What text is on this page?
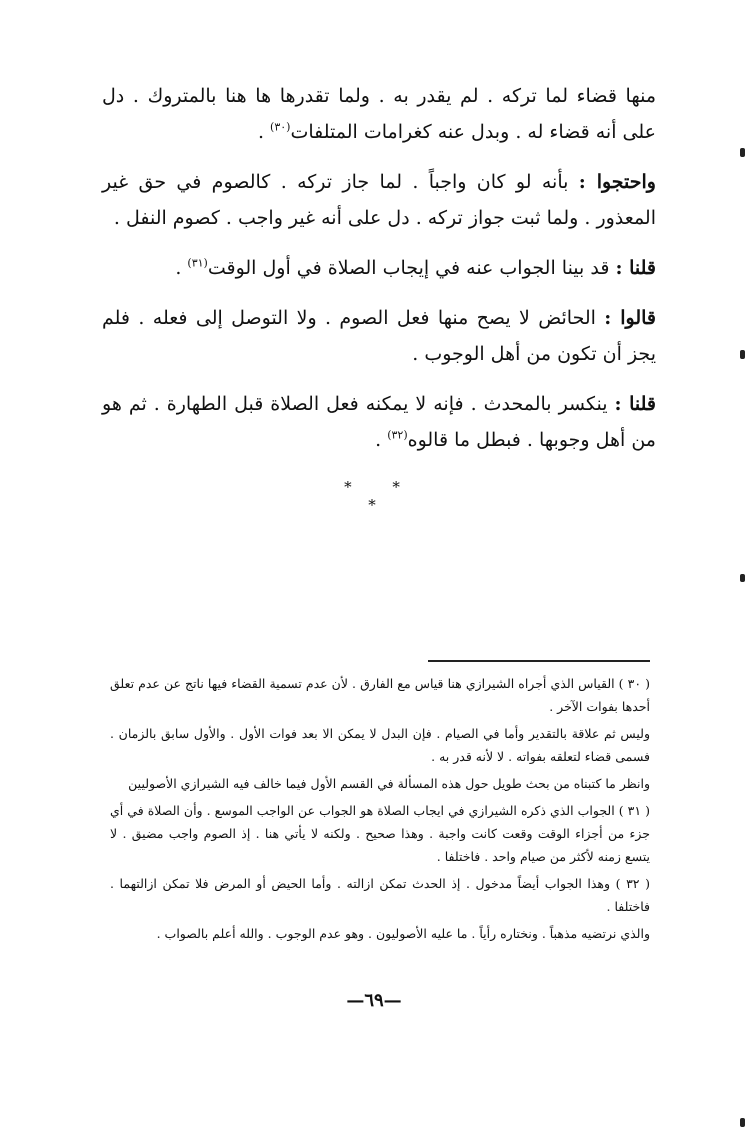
منها قضاء لما تركه . لم يقدر به . ولما تقدرها ها هنا بالمتروك . دل على أنه قضاء له . وبدل عنه كغرامات المتلفات$^{(٣٠)}$ .

واحتجوا : بأنه لو كان واجباً . لما جاز تركه . كالصوم في حق غير المعذور . ولما ثبت جواز تركه . دل على أنه غير واجب . كصوم النفل .

قلنا : قد بينا الجواب عنه في إيجاب الصلاة في أول الوقت$^{(٣١)}$ .

قالوا : الحائض لا يصح منها فعل الصوم . ولا التوصل إلى فعله . فلم يجز أن تكون من أهل الوجوب .

قلنا : ينكسر بالمحدث . فإنه لا يمكنه فعل الصلاة قبل الطهارة . ثم هو من أهل وجوبها . فبطل ما قالوه$^{(٣٢)}$ .

* * *

( ٣٠ ) القياس الذي أجراه الشيرازي هنا قياس مع الفارق . لأن عدم تسمية القضاء فيها ناتج عن عدم تعلق أحدها بفوات الآخر .

وليس ثم علاقة بالتقدير وأما في الصيام . فإن البدل لا يمكن الا بعد فوات الأول . والأول سابق بالزمان . فسمى قضاء لتعلقه بفواته . لا لأنه قدر به .

وانظر ما كتبناه من بحث طويل حول هذه المسألة في القسم الأول فيما خالف فيه الشيرازي الأصوليين

( ٣١ ) الجواب الذي ذكره الشيرازي في ايجاب الصلاة هو الجواب عن الواجب الموسع . وأن الصلاة في أي جزء من أجزاء الوقت وقعت كانت واجبة . وهذا صحيح . ولكنه لا يأتي هنا . إذ الصوم واجب مضيق . لا يتسع زمنه لأكثر من صيام واحد . فاختلفا .

( ٣٢ ) وهذا الجواب أيضاً مدخول . إذ الحدث تمكن ازالته . وأما الحيض أو المرض فلا تمكن ازالتهما . فاختلفا .

والذي نرتضيه مذهباً . ونختاره رأياً . ما عليه الأصوليون . وهو عدم الوجوب . والله أعلم بالصواب .

—٦٩—
